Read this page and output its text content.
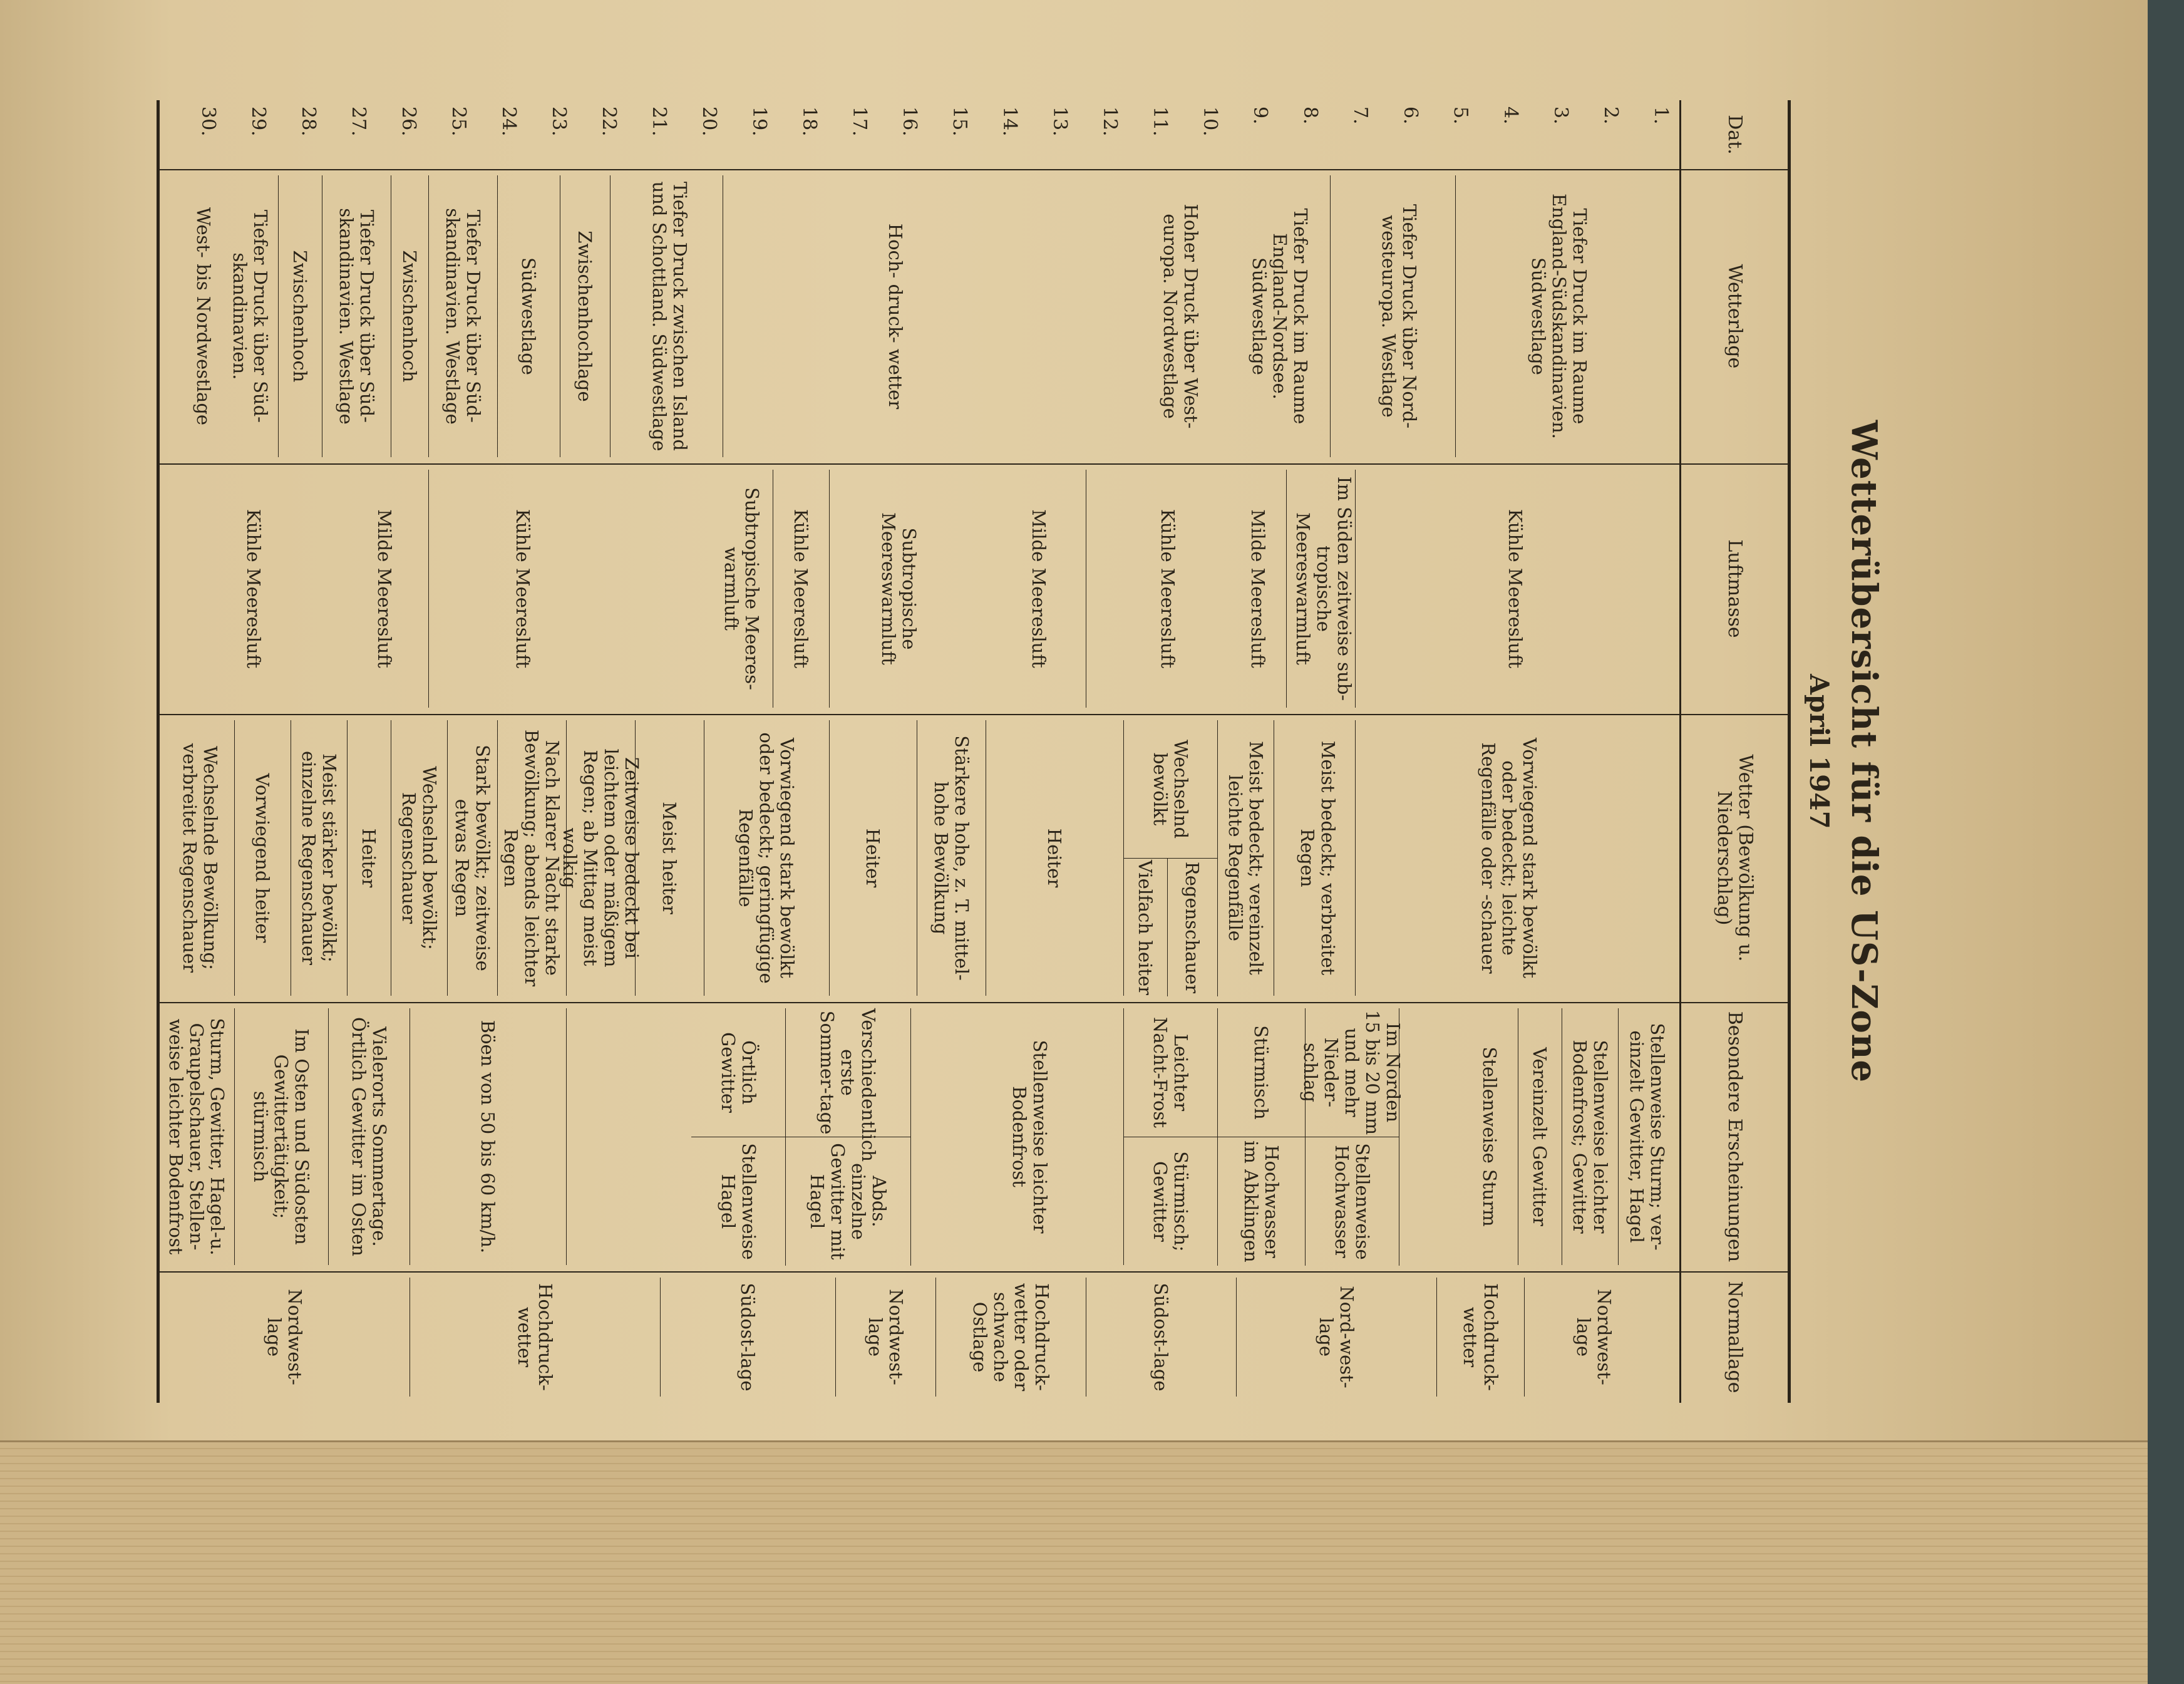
Wetterübersicht für die US-Zone
April 1947
Dat.
Wetterlage
Luftmasse
Wetter (Bewölkung u. Niederschlag)
Besondere Erscheinungen
Normallage
1.
2.
3.
4.
5.
6.
7.
8.
9.
10.
11.
12.
13.
14.
15.
16.
17.
18.
19.
20.
21.
22.
23.
24.
25.
26.
27.
28.
29.
30.
Tiefer Druck im Raume England-Südskandinavien. Südwestlage
Tiefer Druck über Nord-westeuropa. Westlage
Tiefer Druck im Raume England-Nordsee. Südwestlage
Hoher Druck über West-europa. Nordwestlage
Hoch- druck- wetter
Tiefer Druck zwischen Island und Schottland. Südwestlage
Zwischenhochlage
Südwestlage
Tiefer Druck über Süd-skandinavien. Westlage
Zwischenhoch
Tiefer Druck über Süd-skandinavien. Westlage
Zwischenhoch
Tiefer Druck über Süd-skandinavien.
West- bis Nordwestlage
Kühle Meeresluft
Im Süden zeitweise sub-tropische Meereswarmluft
Milde Meeresluft
Kühle Meeresluft
Milde Meeresluft
Subtropische Meereswarmluft
Kühle Meeresluft
Subtropische Meeres-warmluft
Kühle Meeresluft
Milde Meeresluft
Kühle Meeresluft
Vorwiegend stark bewölkt oder bedeckt; leichte Regenfälle oder -schauer
Meist bedeckt; verbreitet Regen
Meist bedeckt; vereinzelt leichte Regenfälle
Wechselnd bewölkt
Regenschauer
Vielfach heiter
Heiter
Stärkere hohe, z. T. mittel-hohe Bewölkung
Heiter
Vorwiegend stark bewölkt oder bedeckt; geringfügige Regenfälle
Meist heiter
Zeitweise bedeckt bei leichtem oder mäßigem Regen; ab Mittag meist wolkig
Nach klarer Nacht starke Bewölkung; abends leichter Regen
Stark bewölkt; zeitweise etwas Regen
Wechselnd bewölkt; Regenschauer
Heiter
Meist stärker bewölkt; einzelne Regenschauer
Vorwiegend heiter
Wechselnde Bewölkung; verbreitet Regenschauer
Stellenweise Sturm; ver-einzelt Gewitter, Hagel
Stellenweise leichter Bodenfrost; Gewitter
Vereinzelt Gewitter
Stellenweise Sturm
Im Norden 15 bis 20 mm und mehr Nieder-schlag
Stellenweise Hochwasser
Stürmisch
Hochwasser im Abklingen
Leichter Nacht-Frost
Stürmisch; Gewitter
Stellenweise leichter Bodenfrost
Verschiedentlich erste Sommer-tage
Abds. einzelne Gewitter mit Hagel
Örtlich Gewitter
Stellenweise Hagel
Böen von 50 bis 60 km/h.
Vielerorts Sommertage. Örtlich Gewitter im Osten
Im Osten und Südosten Gewittertätigkeit; stürmisch
Sturm, Gewitter, Hagel-u. Graupelschauer, Stellen-weise leichter Bodenfrost
Nordwest-lage
Hochdruck-wetter
Nord-west-lage
Südost-lage
Hochdruck-wetter oder schwache Ostlage
Nordwest-lage
Südost-lage
Hochdruck-wetter
Nordwest-lage
